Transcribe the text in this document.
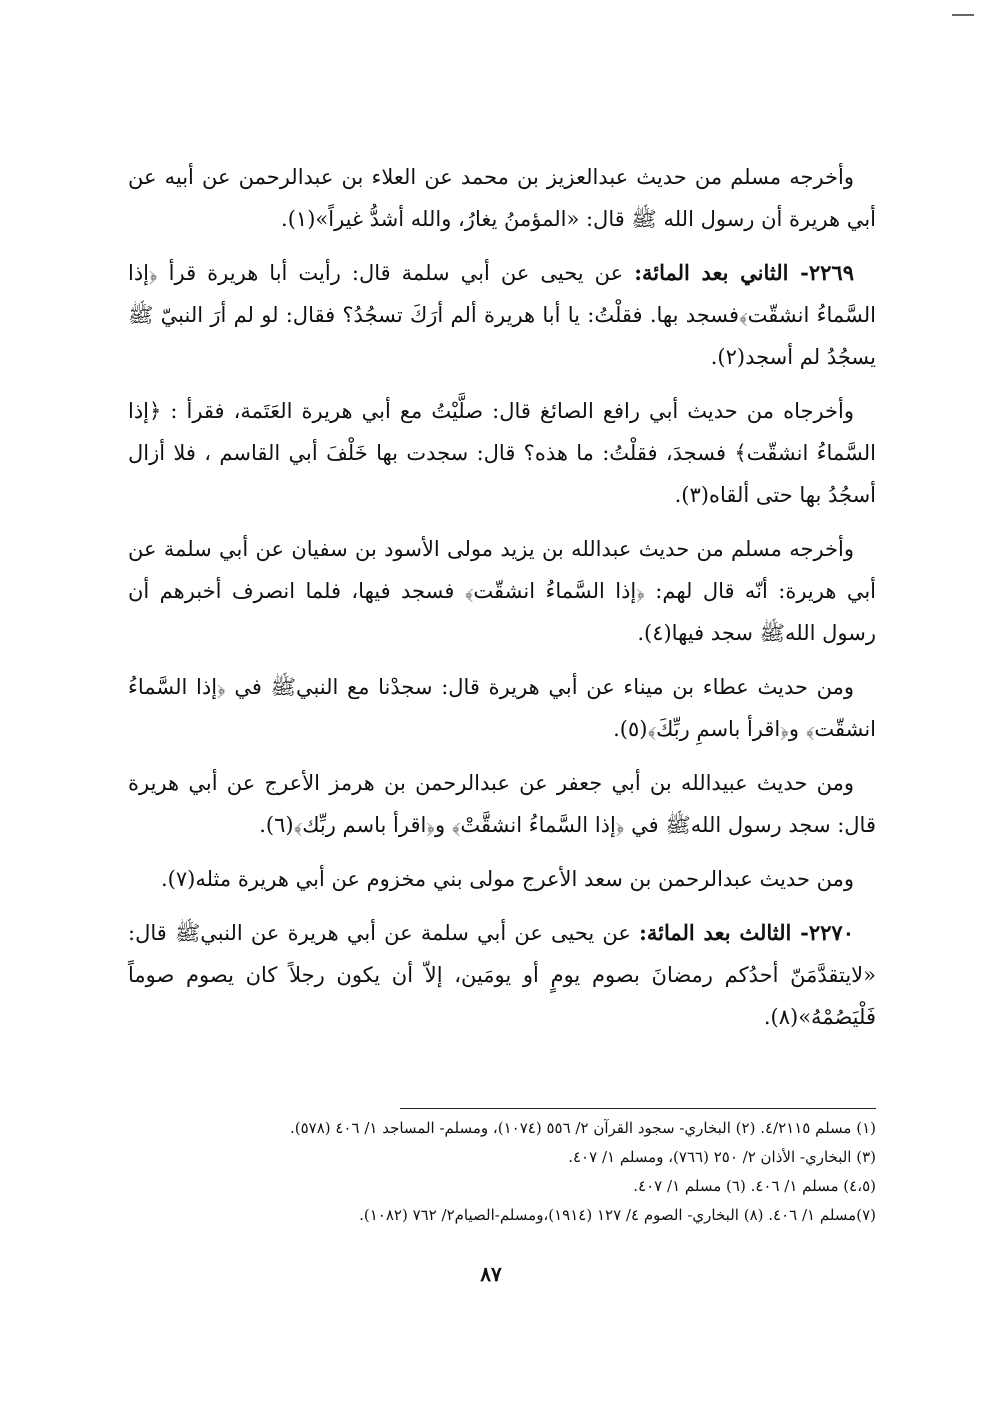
وأخرجه مسلم من حديث عبدالعزيز بن محمد عن العلاء بن عبدالرحمن عن أبيه عن أبي هريرة أن رسول الله ﷺ قال: «المؤمنُ يغارُ، والله أشدُّ غيراً»(١).

٢٢٦٩- الثاني بعد المائة: عن يحيى عن أبي سلمة قال: رأيت أبا هريرة قرأ ﴿إذا السَّماءُ انشقّت﴾فسجد بها. فقلْتُ: يا أبا هريرة ألم أرَكَ تسجُدُ؟ فقال: لو لم أرَ النبيّ ﷺ يسجُدُ لم أسجد(٢).

وأخرجاه من حديث أبي رافع الصائغ قال: صلَّيْتُ مع أبي هريرة العَتَمة، فقرأ : ﴿إذا السَّماءُ انشقّت﴾ فسجدَ، فقلْتُ: ما هذه؟ قال: سجدت بها خَلْفَ أبي القاسم ، فلا أزال أسجُدُ بها حتى ألقاه(٣).

وأخرجه مسلم من حديث عبدالله بن يزيد مولى الأسود بن سفيان عن أبي سلمة عن أبي هريرة: أنّه قال لهم: ﴿إذا السَّماءُ انشقّت﴾ فسجد فيها، فلما انصرف أخبرهم أن رسول اللهﷺ سجد فيها(٤).

ومن حديث عطاء بن ميناء عن أبي هريرة قال: سجدْنا مع النبيﷺ في ﴿إذا السَّماءُ انشقّت﴾ و﴿اقرأ باسمِ ربِّكَ﴾(٥).

ومن حديث عبيدالله بن أبي جعفر عن عبدالرحمن بن هرمز الأعرج عن أبي هريرة قال: سجد رسول اللهﷺ في ﴿إذا السَّماءُ انشقَّتْ﴾ و﴿اقرأ باسم ربِّك﴾(٦).

ومن حديث عبدالرحمن بن سعد الأعرج مولى بني مخزوم عن أبي هريرة مثله(٧).

٢٢٧٠- الثالث بعد المائة: عن يحيى عن أبي سلمة عن أبي هريرة عن النبيﷺ قال: «لايتقدَّمَنّ أحدُكم رمضانَ بصوم يومٍ أو يومَين، إلاّ أن يكون رجلاً كان يصوم صوماً فَلْيَصُمْهُ»(٨).

(١) مسلم ٤/٢١١٥. (٢) البخاري- سجود القرآن ٢/ ٥٥٦ (١٠٧٤)، ومسلم- المساجد ١/ ٤٠٦ (٥٧٨).
(٣) البخاري- الأذان ٢/ ٢٥٠ (٧٦٦)، ومسلم ١/ ٤٠٧.
(٤،٥) مسلم ١/ ٤٠٦. (٦) مسلم ١/ ٤٠٧.
(٧)مسلم ١/ ٤٠٦. (٨) البخاري- الصوم ٤/ ١٢٧ (١٩١٤)،ومسلم-الصيام٢/ ٧٦٢ (١٠٨٢).
٨٧
